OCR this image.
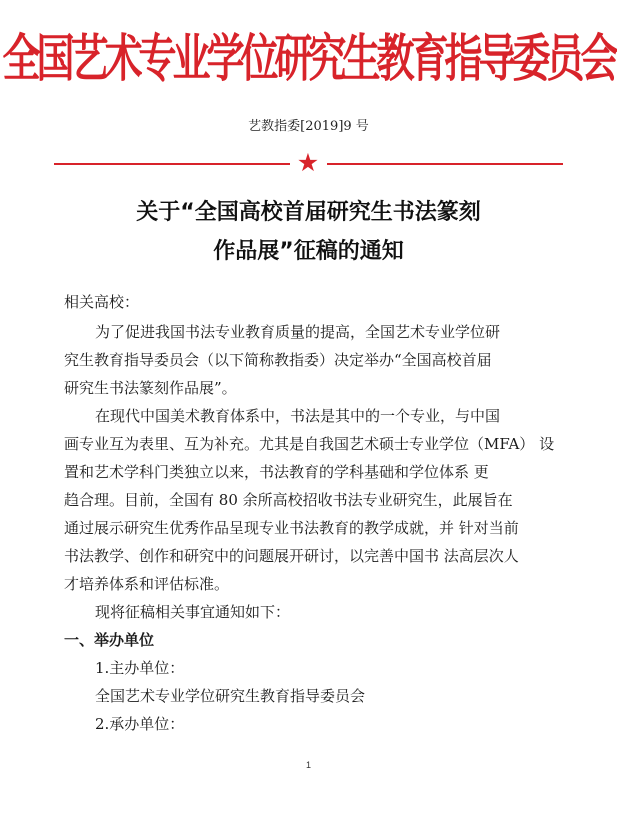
全国艺术专业学位研究生教育指导委员会
艺教指委[2019]9 号
★
关于“全国高校首届研究生书法篆刻
作品展”征稿的通知
相关高校：
为了促进我国书法专业教育质量的提高，全国艺术专业学位研
究生教育指导委员会（以下简称教指委）决定举办“全国高校首届
研究生书法篆刻作品展”。
在现代中国美术教育体系中，书法是其中的一个专业，与中国
画专业互为表里、互为补充。尤其是自我国艺术硕士专业学位（MFA） 设
置和艺术学科门类独立以来，书法教育的学科基础和学位体系 更
趋合理。目前，全国有 80 余所高校招收书法专业研究生，此展旨在
通过展示研究生优秀作品呈现专业书法教育的教学成就，并 针对当前
书法教学、创作和研究中的问题展开研讨，以完善中国书 法高层次人
才培养体系和评估标准。
现将征稿相关事宜通知如下：
一、举办单位
1.主办单位：
全国艺术专业学位研究生教育指导委员会
2.承办单位：
1
